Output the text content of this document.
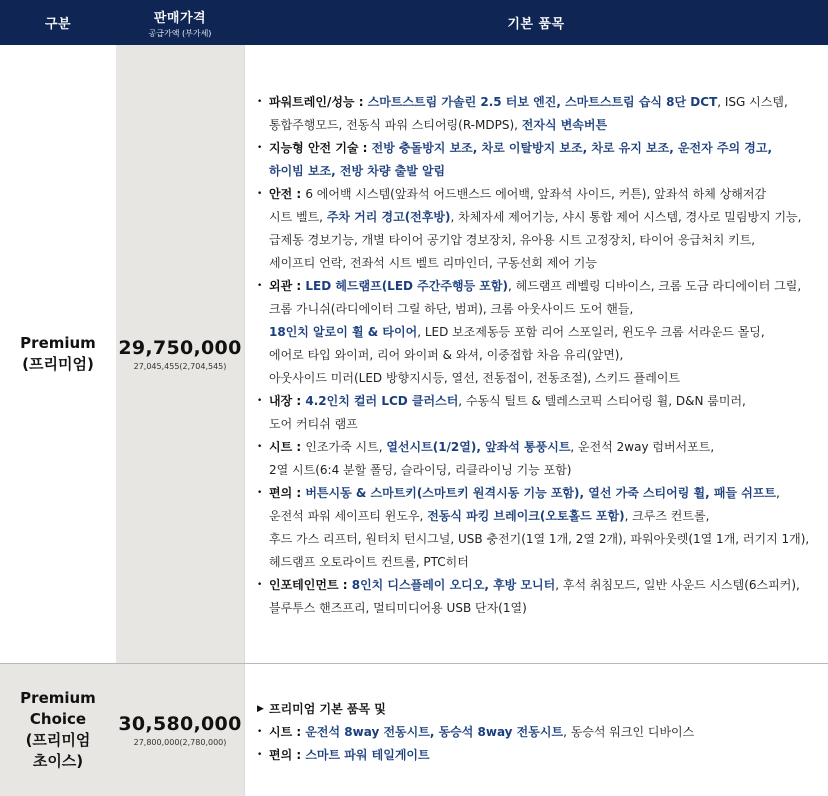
구분	판매가격
공급가액 (부가세)
기본 품목
Premium
(프리미엄)
29,750,000
27,045,455(2,704,545)
• 파워트레인/성능 : 스마트스트림 가솔린 2.5 터보 엔진, 스마트스트림 습식 8단 DCT, ISG 시스템,
통합주행모드, 전동식 파워 스티어링(R-MDPS), 전자식 변속버튼
• 지능형 안전 기술 : 전방 충돌방지 보조, 차로 이탈방지 보조, 차로 유지 보조, 운전자 주의 경고,
하이빔 보조, 전방 차량 출발 알림
• 안전 : 6 에어백 시스템(앞좌석 어드밴스드 에어백, 앞좌석 사이드, 커튼), 앞좌석 하체 상해저감
시트 벨트, 주차 거리 경고(전후방), 차체자세 제어기능, 샤시 통합 제어 시스템, 경사로 밀림방지 기능,
급제동 경보기능, 개별 타이어 공기압 경보장치, 유아용 시트 고정장치, 타이어 응급처치 키트,
세이프티 언락, 전좌석 시트 벨트 리마인더, 구동선회 제어 기능
• 외관 : LED 헤드램프(LED 주간주행등 포함), 헤드램프 레벨링 디바이스, 크롬 도금 라디에이터 그릴,
크롬 가니쉬(라디에이터 그릴 하단, 범퍼), 크롬 아웃사이드 도어 핸들,
18인치 알로이 휠 & 타이어, LED 보조제동등 포함 리어 스포일러, 윈도우 크롬 서라운드 몰딩,
에어로 타입 와이퍼, 리어 와이퍼 & 와셔, 이중접합 차음 유리(앞면),
아웃사이드 미러(LED 방향지시등, 열선, 전동접이, 전동조절), 스키드 플레이트
• 내장 : 4.2인치 컬러 LCD 클러스터, 수동식 틸트 & 텔레스코픽 스티어링 휠, D&N 룸미러,
도어 커티쉬 램프
• 시트 : 인조가죽 시트, 열선시트(1/2열), 앞좌석 통풍시트, 운전석 2way 럼버서포트,
2열 시트(6:4 분할 폴딩, 슬라이딩, 리클라이닝 기능 포함)
• 편의 : 버튼시동 & 스마트키(스마트키 원격시동 기능 포함), 열선 가죽 스티어링 휠, 패들 쉬프트,
운전석 파워 세이프티 윈도우, 전동식 파킹 브레이크(오토홀드 포함), 크루즈 컨트롤,
후드 가스 리프터, 원터치 턴시그널, USB 충전기(1열 1개, 2열 2개), 파워아웃렛(1열 1개, 러기지 1개),
헤드램프 오토라이트 컨트롤, PTC히터
• 인포테인먼트 : 8인치 디스플레이 오디오, 후방 모니터, 후석 취침모드, 일반 사운드 시스템(6스피커),
블루투스 핸즈프리, 멀티미디어용 USB 단자(1열)
Premium
Choice
(프리미엄
초이스)
30,580,000
27,800,000(2,780,000)
▶ 프리미엄 기본 품목 및
• 시트 : 운전석 8way 전동시트, 동승석 8way 전동시트, 동승석 워크인 디바이스
• 편의 : 스마트 파워 테일게이트
